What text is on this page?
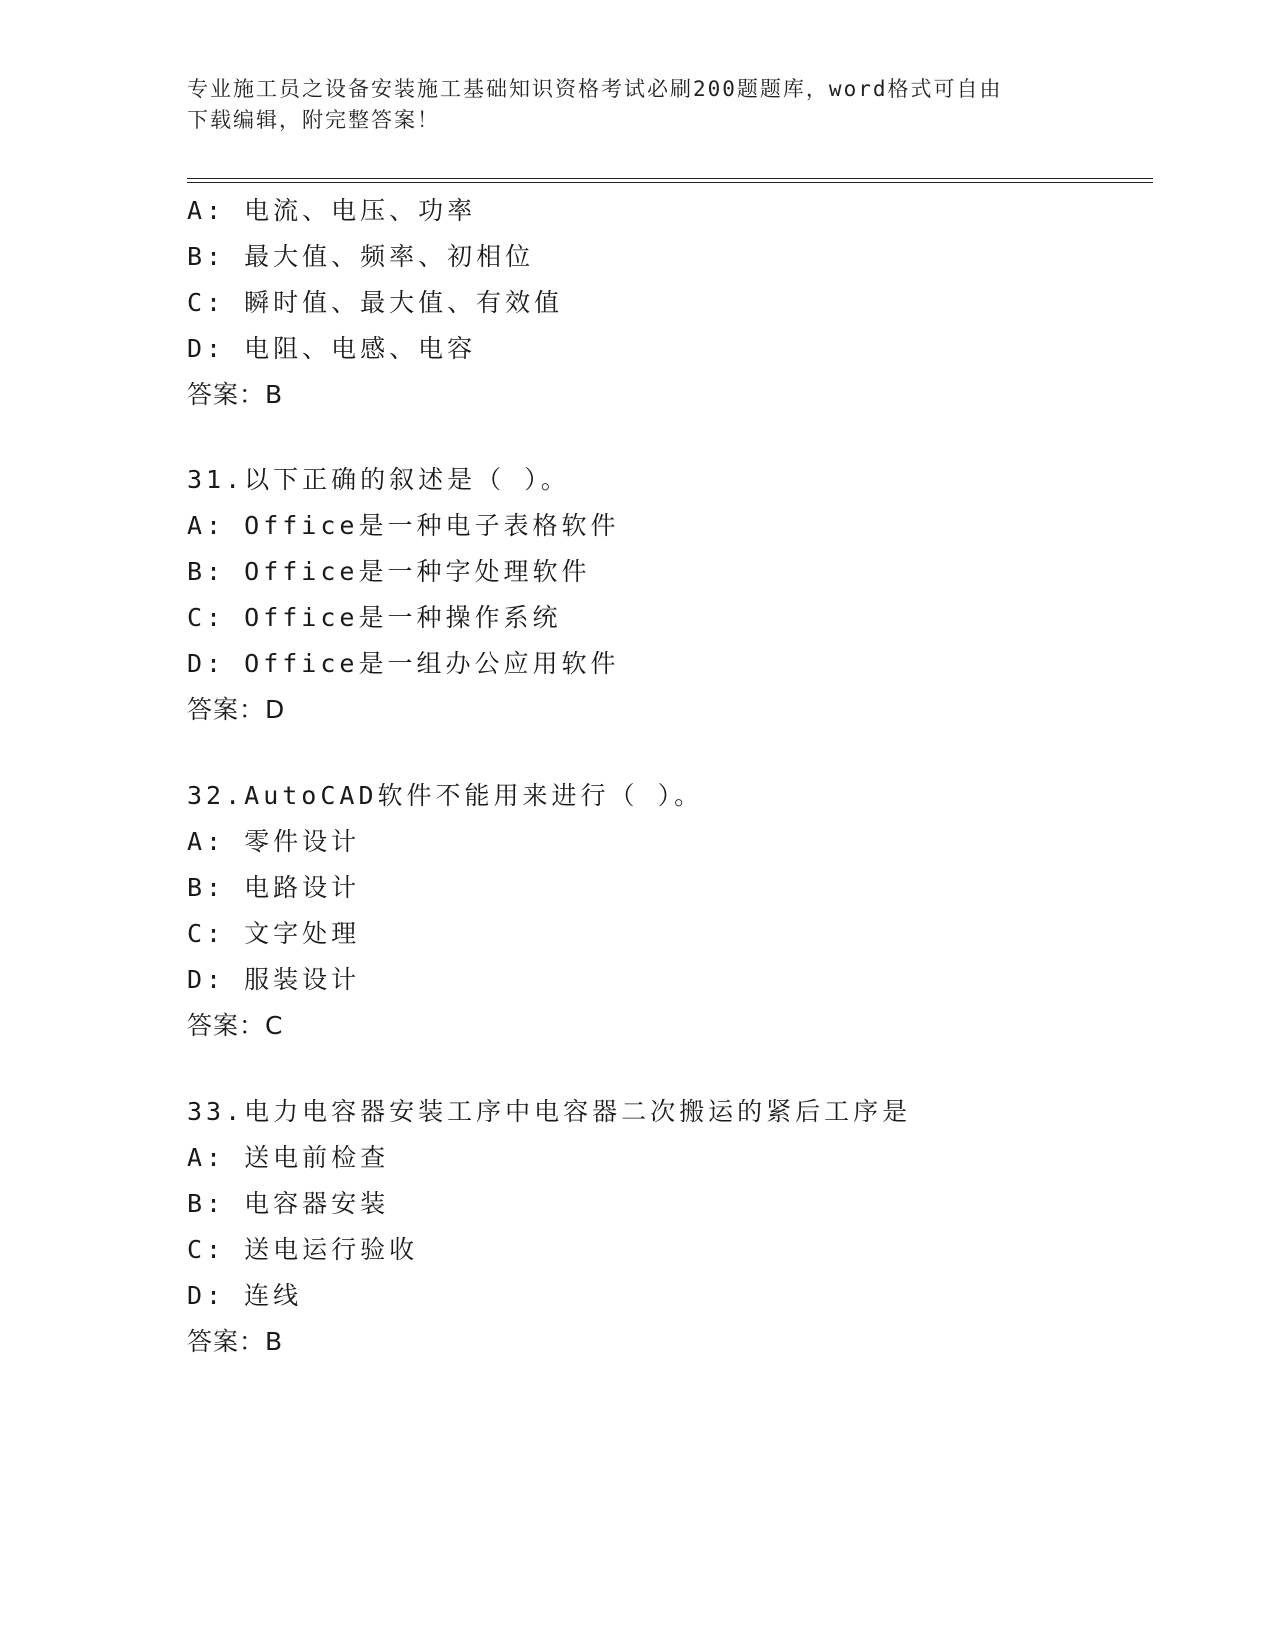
专业施工员之设备安装施工基础知识资格考试必刷200题题库，word格式可自由
下载编辑，附完整答案！
A: 电流、电压、功率
B: 最大值、频率、初相位
C: 瞬时值、最大值、有效值
D: 电阻、电感、电容
答案：B
31.以下正确的叙述是（ ）。
A: Office是一种电子表格软件
B: Office是一种字处理软件
C: Office是一种操作系统
D: Office是一组办公应用软件
答案：D
32.AutoCAD软件不能用来进行（ ）。
A: 零件设计
B: 电路设计
C: 文字处理
D: 服装设计
答案：C
33.电力电容器安装工序中电容器二次搬运的紧后工序是
A: 送电前检查
B: 电容器安装
C: 送电运行验收
D: 连线
答案：B
